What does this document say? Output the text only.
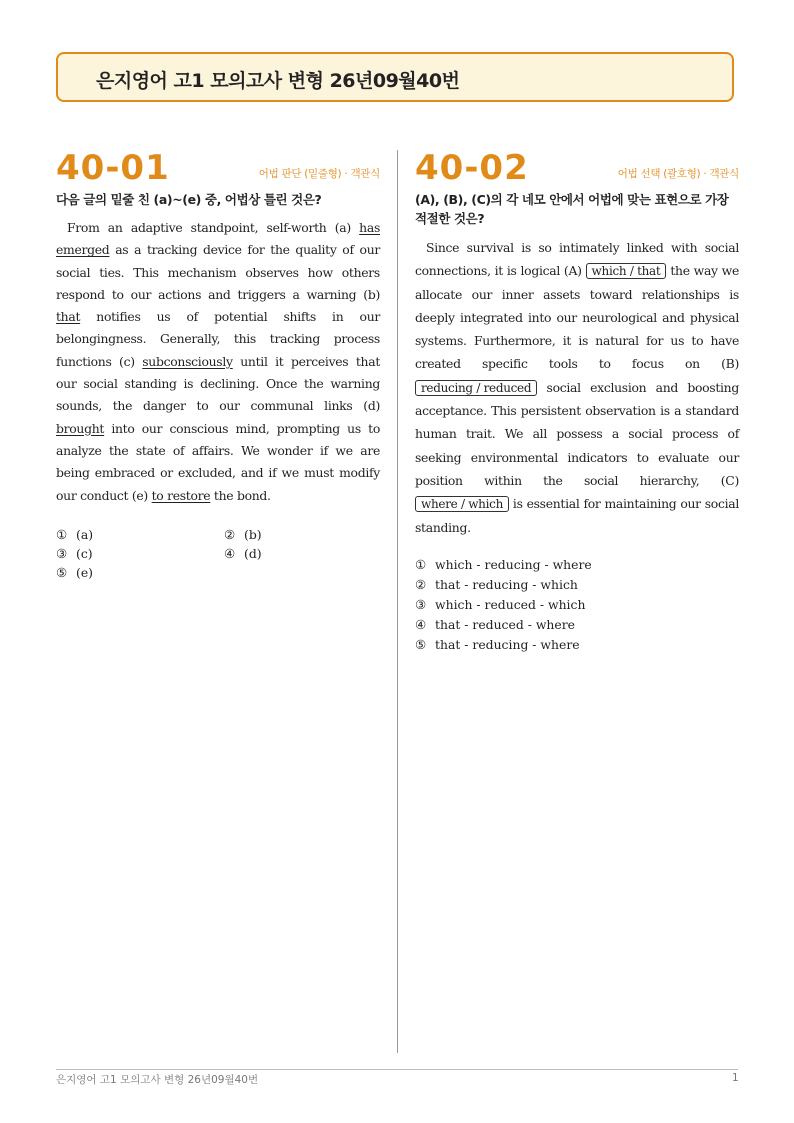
은지영어 고1 모의고사 변형 26년09월40번
40-01	어법 판단 (밑줄형) · 객관식
다음 글의 밑줄 친 (a)~(e) 중, 어법상 틀린 것은?
From an adaptive standpoint, self-worth (a) has emerged as a tracking device for the quality of our social ties. This mechanism observes how others respond to our actions and triggers a warning (b) that notifies us of potential shifts in our belongingness. Generally, this tracking process functions (c) subconsciously until it perceives that our social standing is declining. Once the warning sounds, the danger to our communal links (d) brought into our conscious mind, prompting us to analyze the state of affairs. We wonder if we are being embraced or excluded, and if we must modify our conduct (e) to restore the bond.
① (a)	② (b)
③ (c)	④ (d)
⑤ (e)
40-02	어법 선택 (괄호형) · 객관식
(A), (B), (C)의 각 네모 안에서 어법에 맞는 표현으로 가장 적절한 것은?
Since survival is so intimately linked with social connections, it is logical (A) which / that the way we allocate our inner assets toward relationships is deeply integrated into our neurological and physical systems. Furthermore, it is natural for us to have created specific tools to focus on (B) reducing / reduced social exclusion and boosting acceptance. This persistent observation is a standard human trait. We all possess a social process of seeking environmental indicators to evaluate our position within the social hierarchy, (C) where / which is essential for maintaining our social standing.
① which - reducing - where
② that - reducing - which
③ which - reduced - which
④ that - reduced - where
⑤ that - reducing - where
은지영어 고1 모의고사 변형 26년09월40번	1
